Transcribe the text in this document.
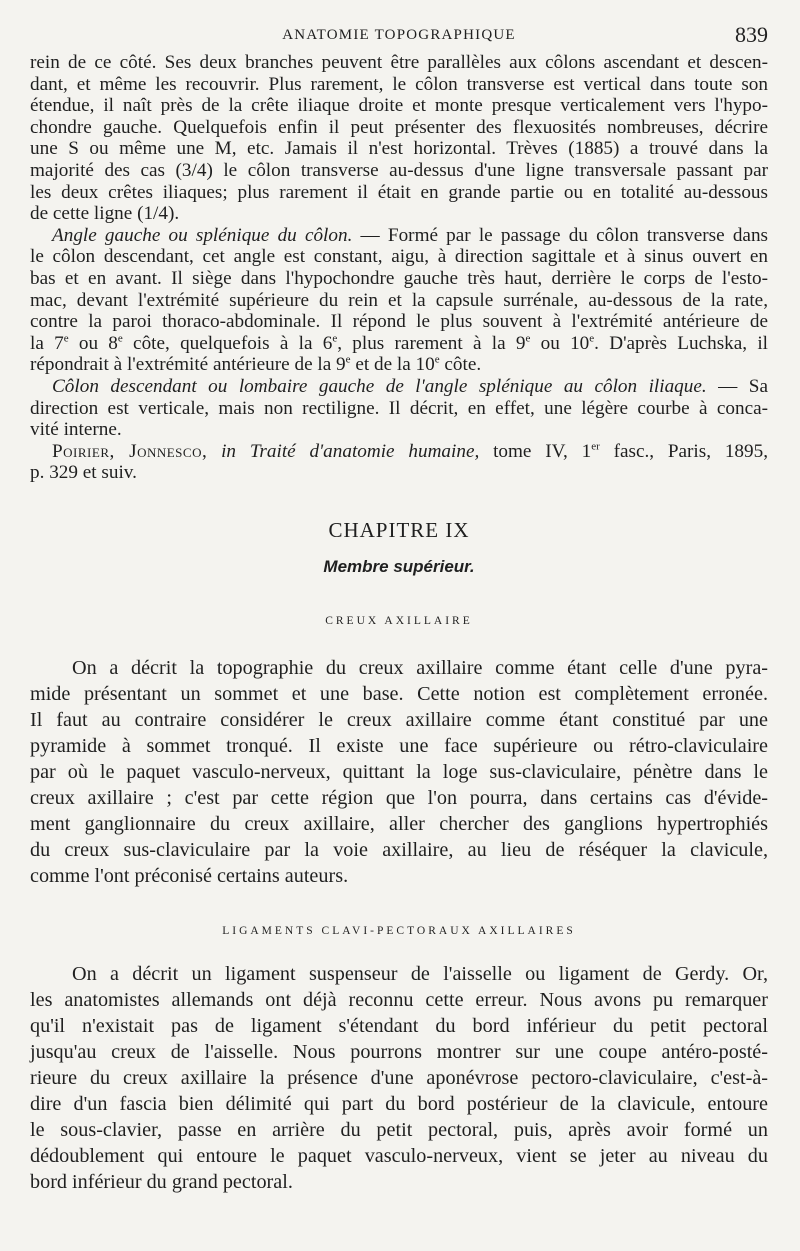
ANATOMIE TOPOGRAPHIQUE	839
rein de ce côté. Ses deux branches peuvent être parallèles aux côlons ascendant et descen-
dant, et même les recouvrir. Plus rarement, le côlon transverse est vertical dans toute son
étendue, il naît près de la crête iliaque droite et monte presque verticalement vers l'hypo-
chondre gauche. Quelquefois enfin il peut présenter des flexuosités nombreuses, décrire
une S ou même une M, etc. Jamais il n'est horizontal. Trèves (1885) a trouvé dans la
majorité des cas (3/4) le côlon transverse au-dessus d'une ligne transversale passant par
les deux crêtes iliaques; plus rarement il était en grande partie ou en totalité au-dessous
de cette ligne (1/4).
Angle gauche ou splénique du côlon. — Formé par le passage du côlon transverse dans
le côlon descendant, cet angle est constant, aigu, à direction sagittale et à sinus ouvert en
bas et en avant. Il siège dans l'hypochondre gauche très haut, derrière le corps de l'esto-
mac, devant l'extrémité supérieure du rein et la capsule surrénale, au-dessous de la rate,
contre la paroi thoraco-abdominale. Il répond le plus souvent à l'extrémité antérieure de
la 7e ou 8e côte, quelquefois à la 6e, plus rarement à la 9e ou 10e. D'après Luchska, il
répondrait à l'extrémité antérieure de la 9e et de la 10e côte.
Côlon descendant ou lombaire gauche de l'angle splénique au côlon iliaque. — Sa
direction est verticale, mais non rectiligne. Il décrit, en effet, une légère courbe à conca-
vité interne.
Poirier, Jonnesco, in Traité d'anatomie humaine, tome IV, 1er fasc., Paris, 1895,
p. 329 et suiv.
CHAPITRE IX
Membre supérieur.
CREUX AXILLAIRE
On a décrit la topographie du creux axillaire comme étant celle d'une pyra-
mide présentant un sommet et une base. Cette notion est complètement erronée.
Il faut au contraire considérer le creux axillaire comme étant constitué par une
pyramide à sommet tronqué. Il existe une face supérieure ou rétro-claviculaire
par où le paquet vasculo-nerveux, quittant la loge sus-claviculaire, pénètre dans le
creux axillaire ; c'est par cette région que l'on pourra, dans certains cas d'évide-
ment ganglionnaire du creux axillaire, aller chercher des ganglions hypertrophiés
du creux sus-claviculaire par la voie axillaire, au lieu de réséquer la clavicule,
comme l'ont préconisé certains auteurs.
LIGAMENTS CLAVI-PECTORAUX AXILLAIRES
On a décrit un ligament suspenseur de l'aisselle ou ligament de Gerdy. Or,
les anatomistes allemands ont déjà reconnu cette erreur. Nous avons pu remarquer
qu'il n'existait pas de ligament s'étendant du bord inférieur du petit pectoral
jusqu'au creux de l'aisselle. Nous pourrons montrer sur une coupe antéro-posté-
rieure du creux axillaire la présence d'une aponévrose pectoro-claviculaire, c'est-à-
dire d'un fascia bien délimité qui part du bord postérieur de la clavicule, entoure
le sous-clavier, passe en arrière du petit pectoral, puis, après avoir formé un
dédoublement qui entoure le paquet vasculo-nerveux, vient se jeter au niveau du
bord inférieur du grand pectoral.
